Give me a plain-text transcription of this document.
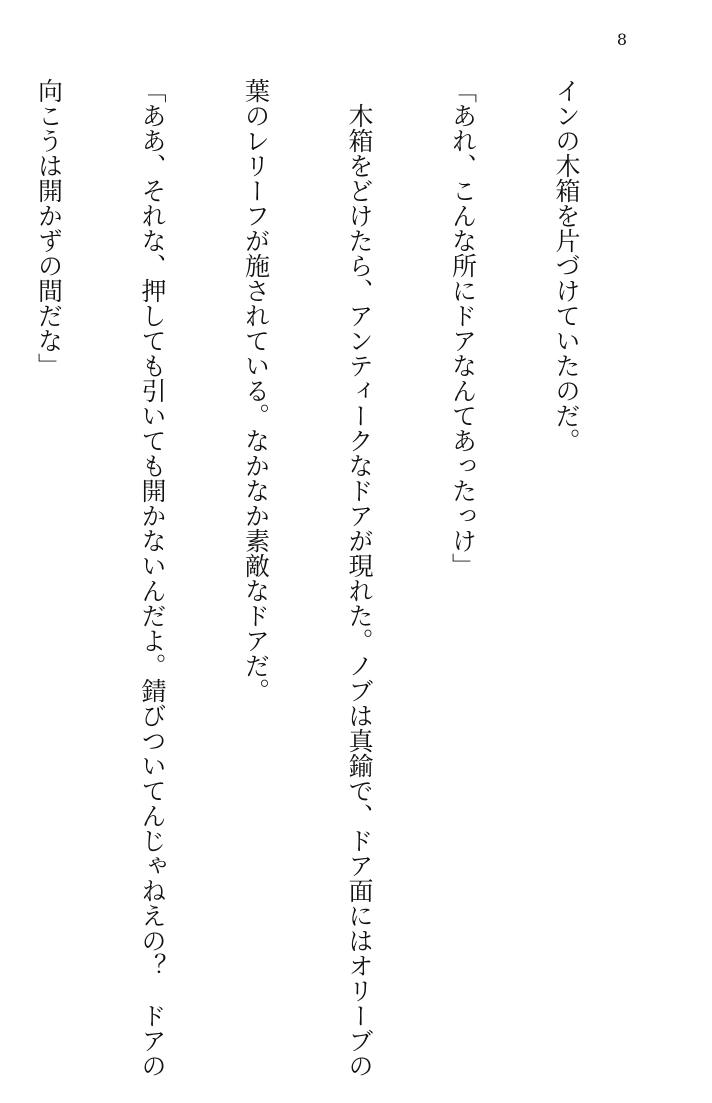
8

インの木箱を片づけていたのだ。

「あれ、こんな所にドアなんてあったっけ」

　木箱をどけたら、アンティークなドアが現れた。ノブは真鍮で、ドア面にはオリーブの

葉のレリーフが施されている。なかなか素敵なドアだ。

「ああ、それな、押しても引いても開かないんだよ。錆びついてんじゃねえの？　ドアの

向こうは開かずの間だな」
